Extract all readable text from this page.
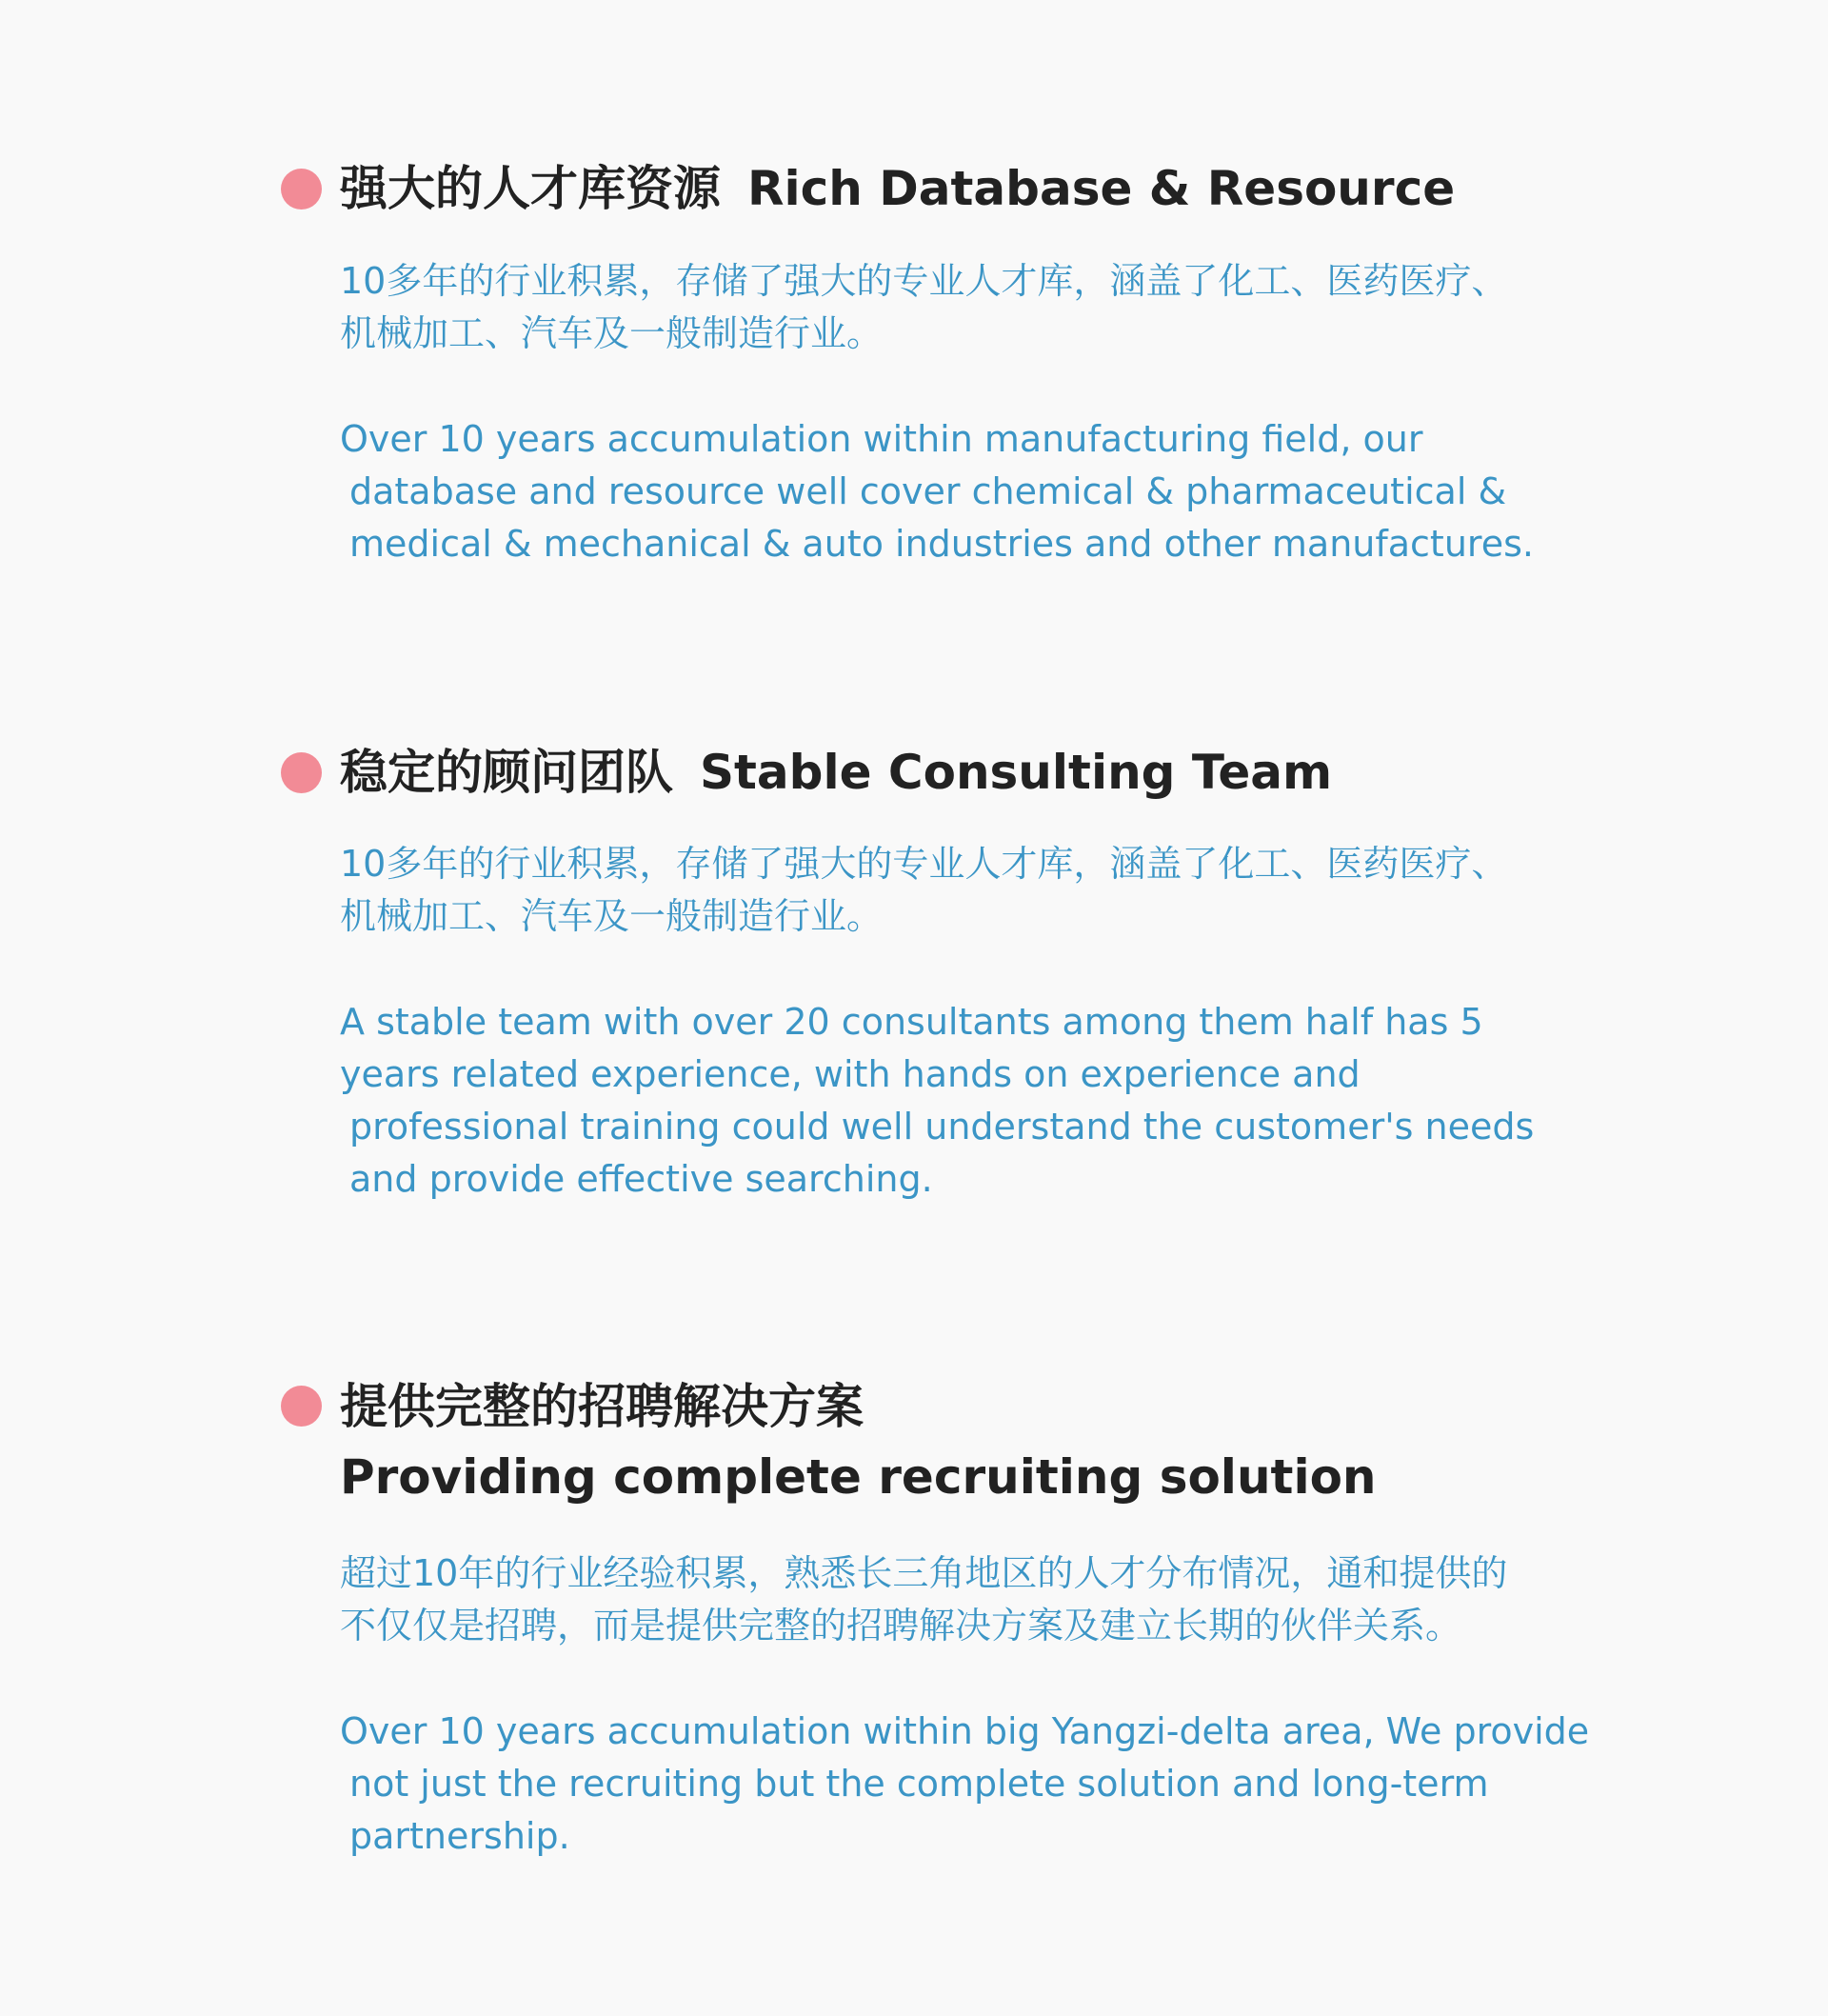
强大的人才库资源 Rich Database & Resource
10多年的行业积累，存储了强大的专业人才库，涵盖了化工、医药医疗、
机械加工、汽车及一般制造行业。
Over 10 years accumulation within manufacturing field, our
database and resource well cover chemical & pharmaceutical &
medical & mechanical & auto industries and other manufactures.
稳定的顾问团队 Stable Consulting Team
10多年的行业积累，存储了强大的专业人才库，涵盖了化工、医药医疗、
机械加工、汽车及一般制造行业。
A stable team with over 20 consultants among them half has 5
years related experience, with hands on experience and
professional training could well understand the customer's needs
and provide effective searching.
提供完整的招聘解决方案
Providing complete recruiting solution
超过10年的行业经验积累，熟悉长三角地区的人才分布情况，通和提供的
不仅仅是招聘，而是提供完整的招聘解决方案及建立长期的伙伴关系。
Over 10 years accumulation within big Yangzi-delta area, We provide
not just the recruiting but the complete solution and long-term
partnership.
